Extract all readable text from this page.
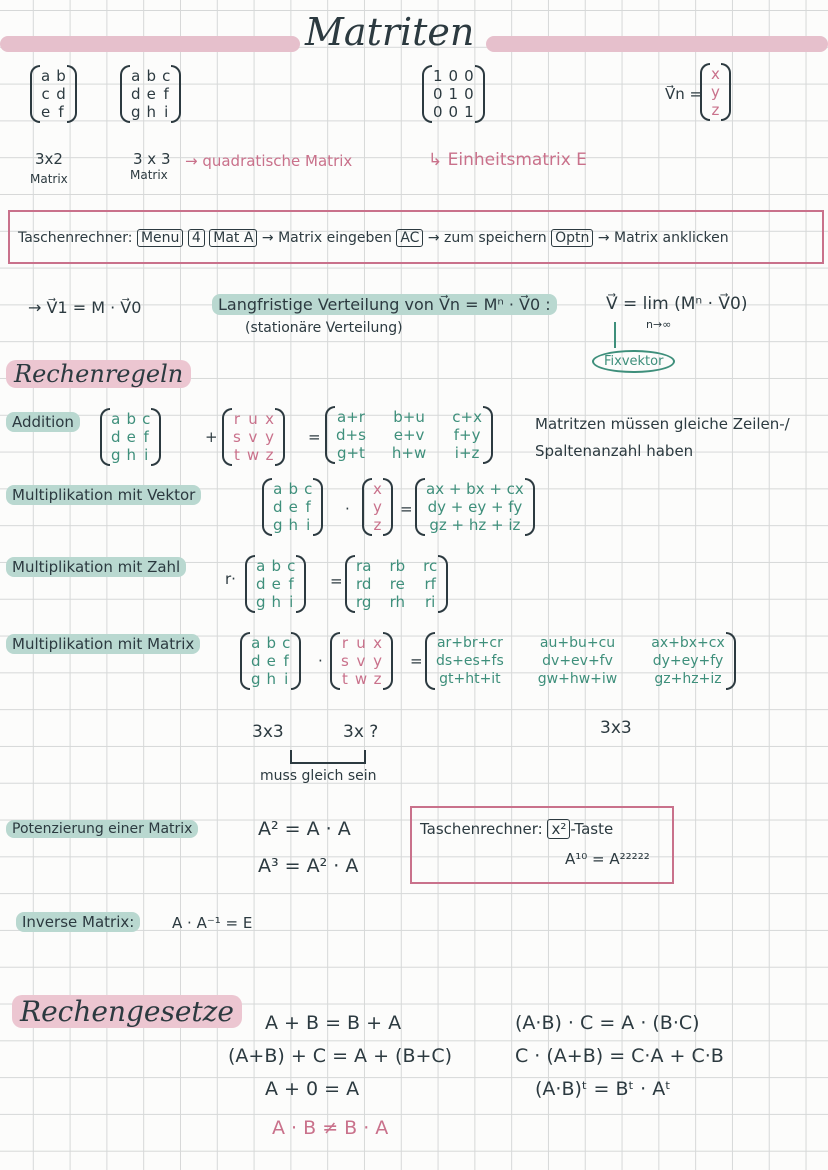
Matriten
a b
c d
e f
3x2
Matrix
a b c
d e f
g h i
3 x 3
Matrix
→ quadratische Matrix
1 0 0
0 1 0
0 0 1
↳ Einheitsmatrix E
V⃗n =
x
y
z
Taschenrechner: Menu 4 Mat A → Matrix eingeben AC → zum speichern Optn → Matrix anklicken
→ V⃗1 = M · V⃗0	Langfristige Verteilung von V⃗n = Mⁿ · V⃗0 :
(stationäre Verteilung)
V⃗ = lim (Mⁿ · V⃗0)
n→∞
Fixvektor
Rechenregeln
Addition	a b c
d e f
g h i
+
r u x
s v y
t w z
=
a+r b+u c+x
d+s	e+v	f+y
g+t h+w	i+z
Matritzen müssen gleiche Zeilen-/
Spaltenanzahl haben
Multiplikation mit Vektor	a b c
d e f
g h i
·
x
y
z
=
ax + bx + cx
dy + ey + fy
gz + hz + iz
Multiplikation mit Zahl
r·
a b c
d e f
g h i
=
ra rb rc
rd re rf
rg rh	ri
Multiplikation mit Matrix	a b c
d e f
g h i
·
r u x
s v y
t w z
=
ar+br+cr	au+bu+cu	ax+bx+cx
ds+es+fs	dv+ev+fv	dy+ey+fy
gt+ht+it	gw+hw+iw	gz+hz+iz
3x3	3x ?	3x3
muss gleich sein
Potenzierung einer Matrix	A² = A · A
A³ = A² · A
Taschenrechner: x² -Taste
A¹⁰ = A²²²²²
Inverse Matrix:	A · A⁻¹ = E
Rechengesetze	A + B = B + A
(A+B) + C = A + (B+C)
A + 0 = A
A · B ≠ B · A
(A·B) · C = A · (B·C)
C · (A+B) = C·A + C·B
(A·B)ᵗ = Bᵗ · Aᵗ
